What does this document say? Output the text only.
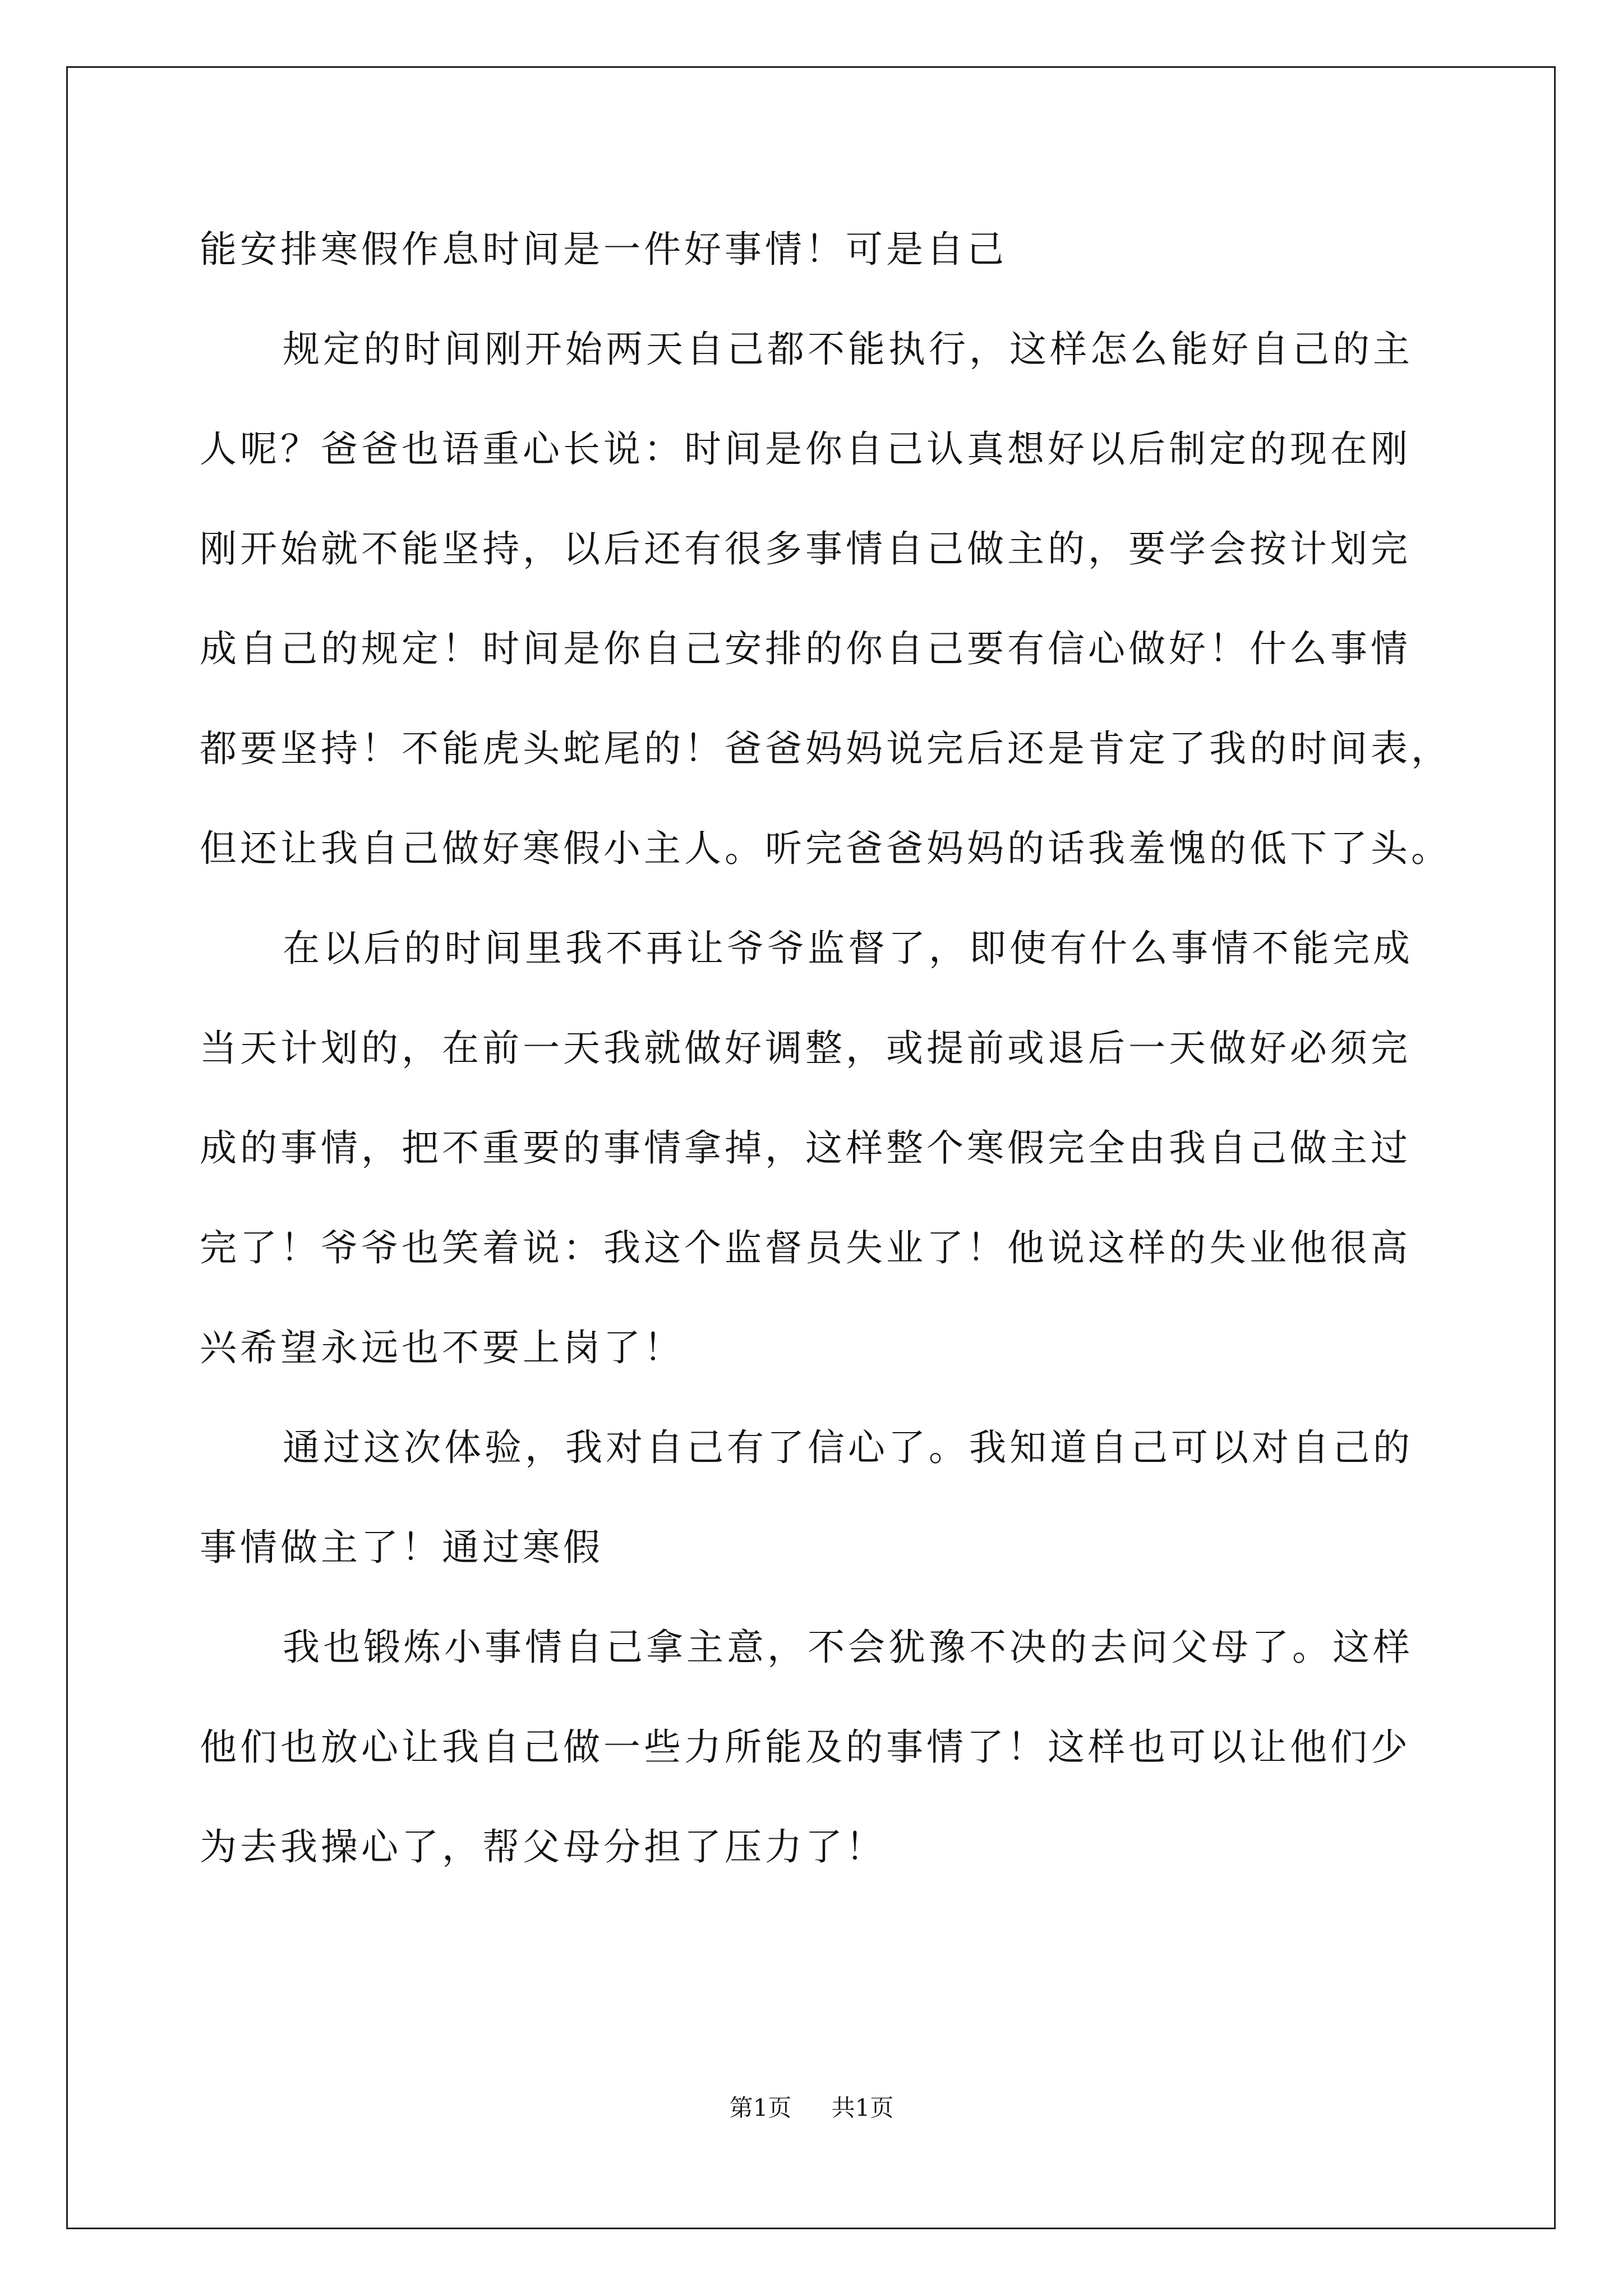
能安排寒假作息时间是一件好事情！可是自己
规定的时间刚开始两天自己都不能执行，这样怎么能好自己的主
人呢？爸爸也语重心长说：时间是你自己认真想好以后制定的现在刚
刚开始就不能坚持，以后还有很多事情自己做主的，要学会按计划完
成自己的规定！时间是你自己安排的你自己要有信心做好！什么事情
都要坚持！不能虎头蛇尾的！爸爸妈妈说完后还是肯定了我的时间表，
但还让我自己做好寒假小主人。听完爸爸妈妈的话我羞愧的低下了头。
在以后的时间里我不再让爷爷监督了，即使有什么事情不能完成
当天计划的，在前一天我就做好调整，或提前或退后一天做好必须完
成的事情，把不重要的事情拿掉，这样整个寒假完全由我自己做主过
完了！爷爷也笑着说：我这个监督员失业了！他说这样的失业他很高
兴希望永远也不要上岗了！
通过这次体验，我对自己有了信心了。我知道自己可以对自己的
事情做主了！通过寒假
我也锻炼小事情自己拿主意，不会犹豫不决的去问父母了。这样
他们也放心让我自己做一些力所能及的事情了！这样也可以让他们少
为去我操心了，帮父母分担了压力了！
第1页 共1页
